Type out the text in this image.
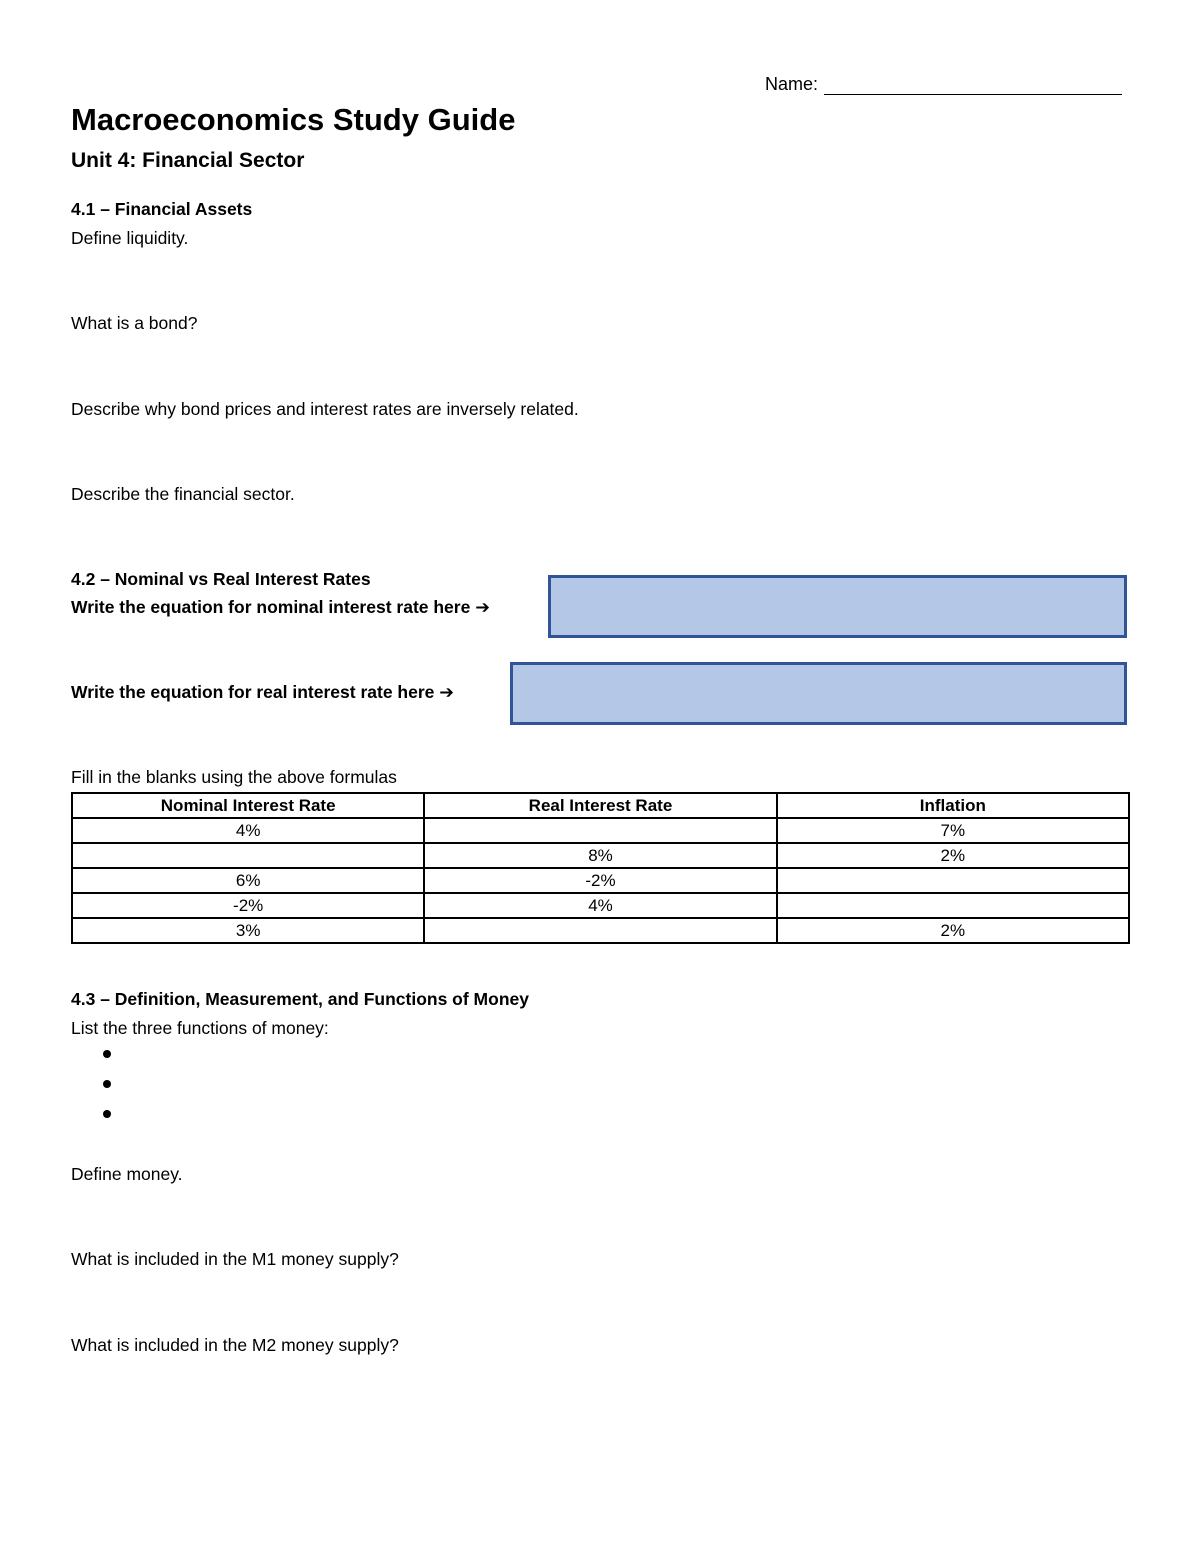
Name:
Macroeconomics Study Guide
Unit 4: Financial Sector
4.1 – Financial Assets
Define liquidity.
What is a bond?
Describe why bond prices and interest rates are inversely related.
Describe the financial sector.
4.2 – Nominal vs Real Interest Rates
Write the equation for nominal interest rate here ➔
Write the equation for real interest rate here ➔
Fill in the blanks using the above formulas
Nominal Interest Rate	Real Interest Rate	Inflation
4%		7%
	8%	2%
6%	-2%	
-2%	4%	
3%		2%
4.3 – Definition, Measurement, and Functions of Money
List the three functions of money:
Define money.
What is included in the M1 money supply?
What is included in the M2 money supply?
